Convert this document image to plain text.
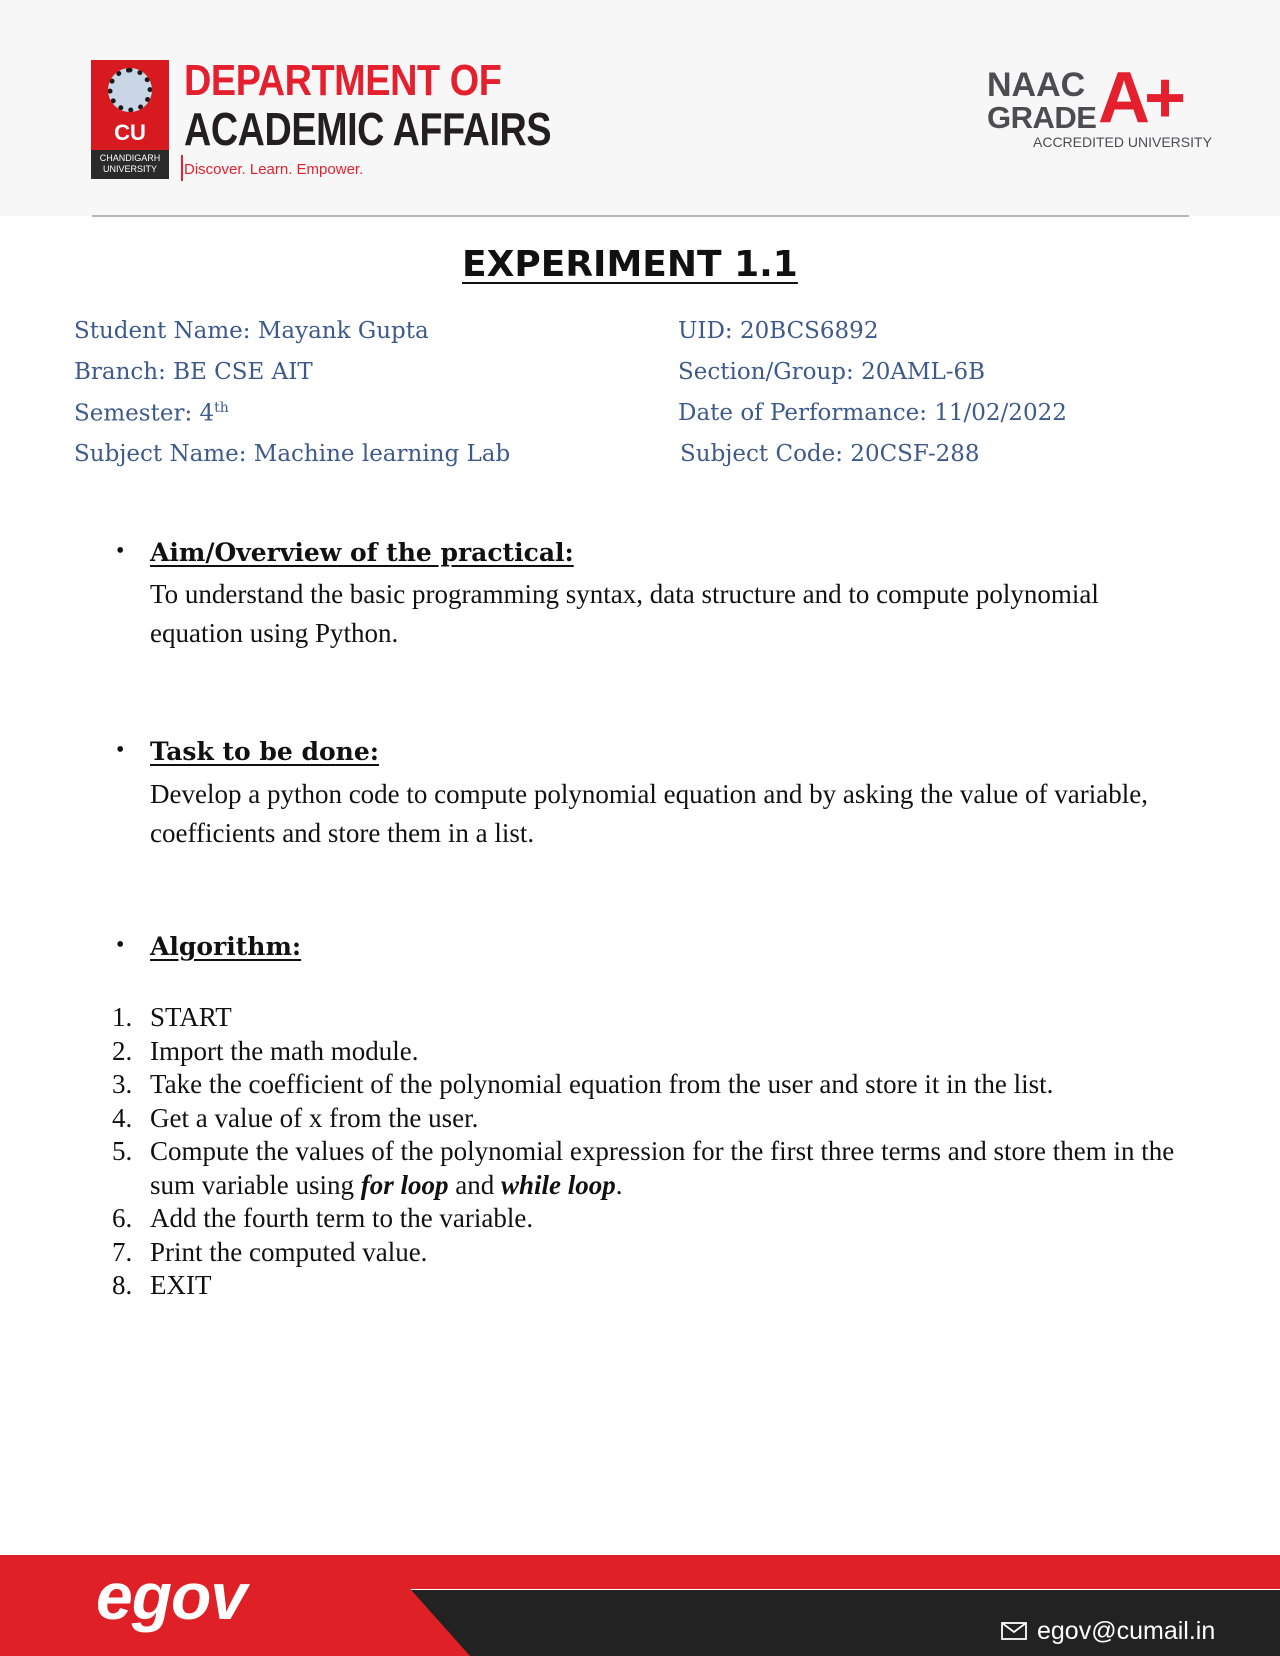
CU
CHANDIGARH UNIVERSITY
DEPARTMENT OF
ACADEMIC AFFAIRS
Discover. Learn. Empower.
NAAC
GRADE A+
ACCREDITED UNIVERSITY
EXPERIMENT 1.1
Student Name: Mayank Gupta	UID: 20BCS6892
Branch: BE CSE AIT	Section/Group: 20AML-6B
Semester: 4th	Date of Performance: 11/02/2022
Subject Name: Machine learning Lab	Subject Code: 20CSF-288
• Aim/Overview of the practical:
To understand the basic programming syntax, data structure and to compute polynomial equation using Python.
• Task to be done:
Develop a python code to compute polynomial equation and by asking the value of variable, coefficients and store them in a list.
• Algorithm:
1. START
2. Import the math module.
3. Take the coefficient of the polynomial equation from the user and store it in the list.
4. Get a value of x from the user.
5. Compute the values of the polynomial expression for the first three terms and store them in the sum variable using for loop and while loop.
6. Add the fourth term to the variable.
7. Print the computed value.
8. EXIT
egov	egov@cumail.in
